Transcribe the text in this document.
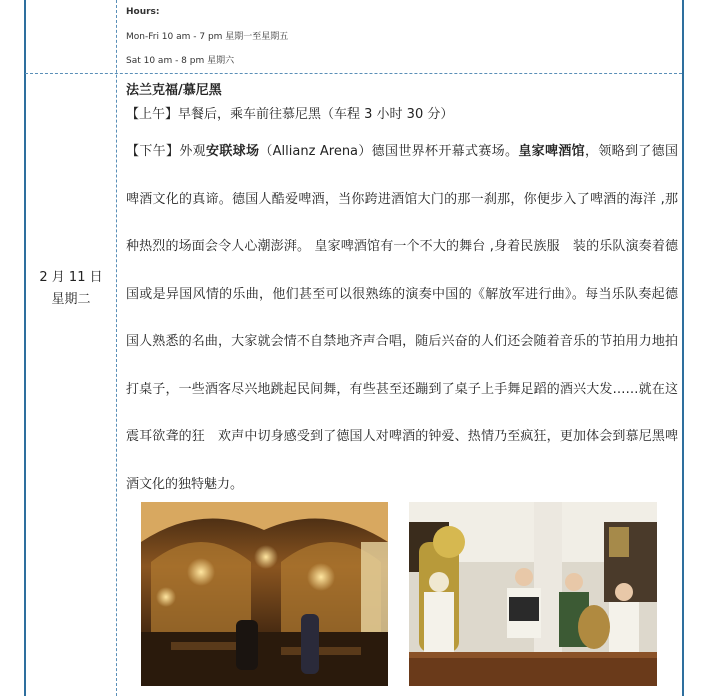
Hours:
Mon-Fri 10 am - 7 pm 星期一至星期五
Sat 10 am - 8 pm 星期六
2 月 11 日
星期二

法兰克福/慕尼黑

【上午】早餐后，乘车前往慕尼黑（车程 3 小时 30 分）

【下午】外观安联球场（Allianz Arena）德国世界杯开幕式赛场。皇家啤酒馆，领略到了德国啤酒文化的真谛。德国人酷爱啤酒，当你跨进酒馆大门的那一刹那，你便步入了啤酒的海洋 ,那种热烈的场面会令人心潮澎湃。 皇家啤酒馆有一个不大的舞台 ,身着民族服　装的乐队演奏着德国或是异国风情的乐曲，他们甚至可以很熟练的演奏中国的《解放军进行曲》。每当乐队奏起德国人熟悉的名曲，大家就会情不自禁地齐声合唱，随后兴奋的人们还会随着音乐的节拍用力地拍打桌子，一些酒客尽兴地跳起民间舞，有些甚至还蹦到了桌子上手舞足蹈的酒兴大发……就在这震耳欲聋的狂　欢声中切身感受到了德国人对啤酒的钟爱、热情乃至疯狂，更加体会到慕尼黑啤酒文化的独特魅力。
